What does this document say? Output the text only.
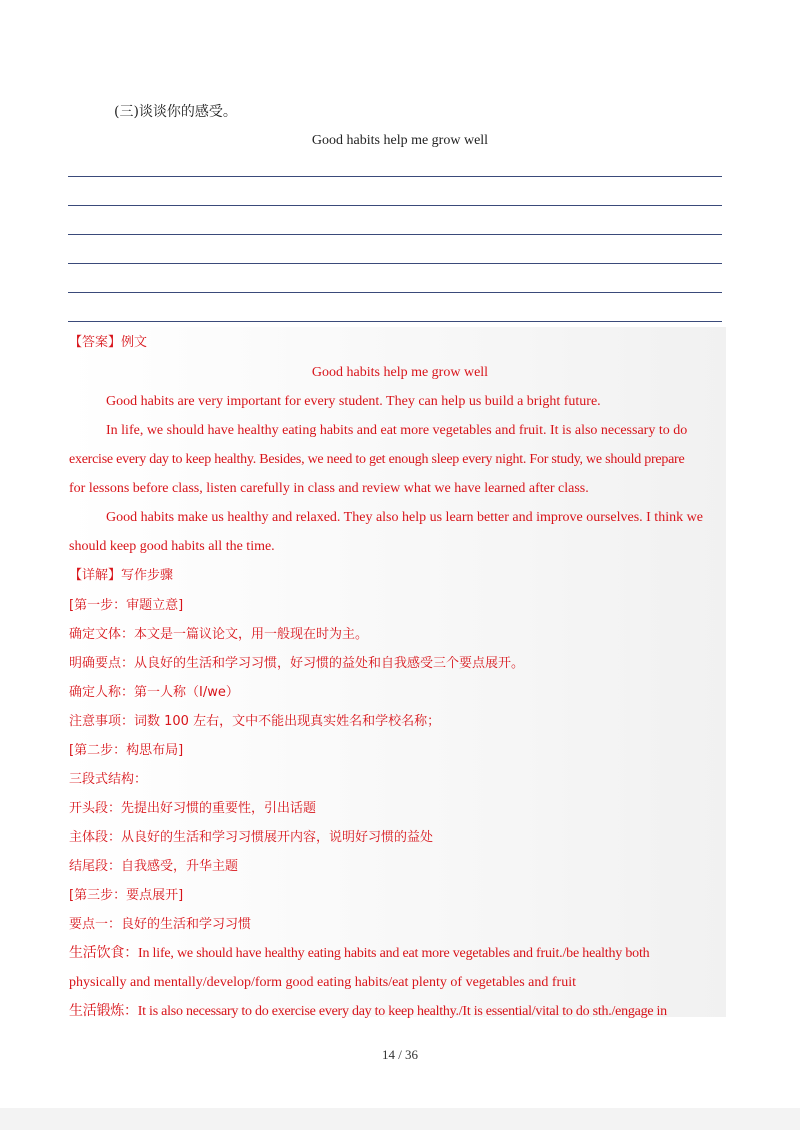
(三)谈谈你的感受。
Good habits help me grow well
【答案】例文
Good habits help me grow well
Good habits are very important for every student. They can help us build a bright future.
In life, we should have healthy eating habits and eat more vegetables and fruit. It is also necessary to do
exercise every day to keep healthy. Besides, we need to get enough sleep every night. For study, we should prepare
for lessons before class, listen carefully in class and review what we have learned after class.
Good habits make us healthy and relaxed. They also help us learn better and improve ourselves. I think we
should keep good habits all the time.
【详解】写作步骤
[第一步：审题立意]
确定文体：本文是一篇议论文，用一般现在时为主。
明确要点：从良好的生活和学习习惯，好习惯的益处和自我感受三个要点展开。
确定人称：第一人称（I/we）
注意事项：词数 100 左右，文中不能出现真实姓名和学校名称；
[第二步：构思布局]
三段式结构：
开头段：先提出好习惯的重要性，引出话题
主体段：从良好的生活和学习习惯展开内容，说明好习惯的益处
结尾段：自我感受，升华主题
[第三步：要点展开]
要点一：良好的生活和学习习惯
生活饮食：In life, we should have healthy eating habits and eat more vegetables and fruit./be healthy both
physically and mentally/develop/form good eating habits/eat plenty of vegetables and fruit
生活锻炼：It is also necessary to do exercise every day to keep healthy./It is essential/vital to do sth./engage in
14 / 36
